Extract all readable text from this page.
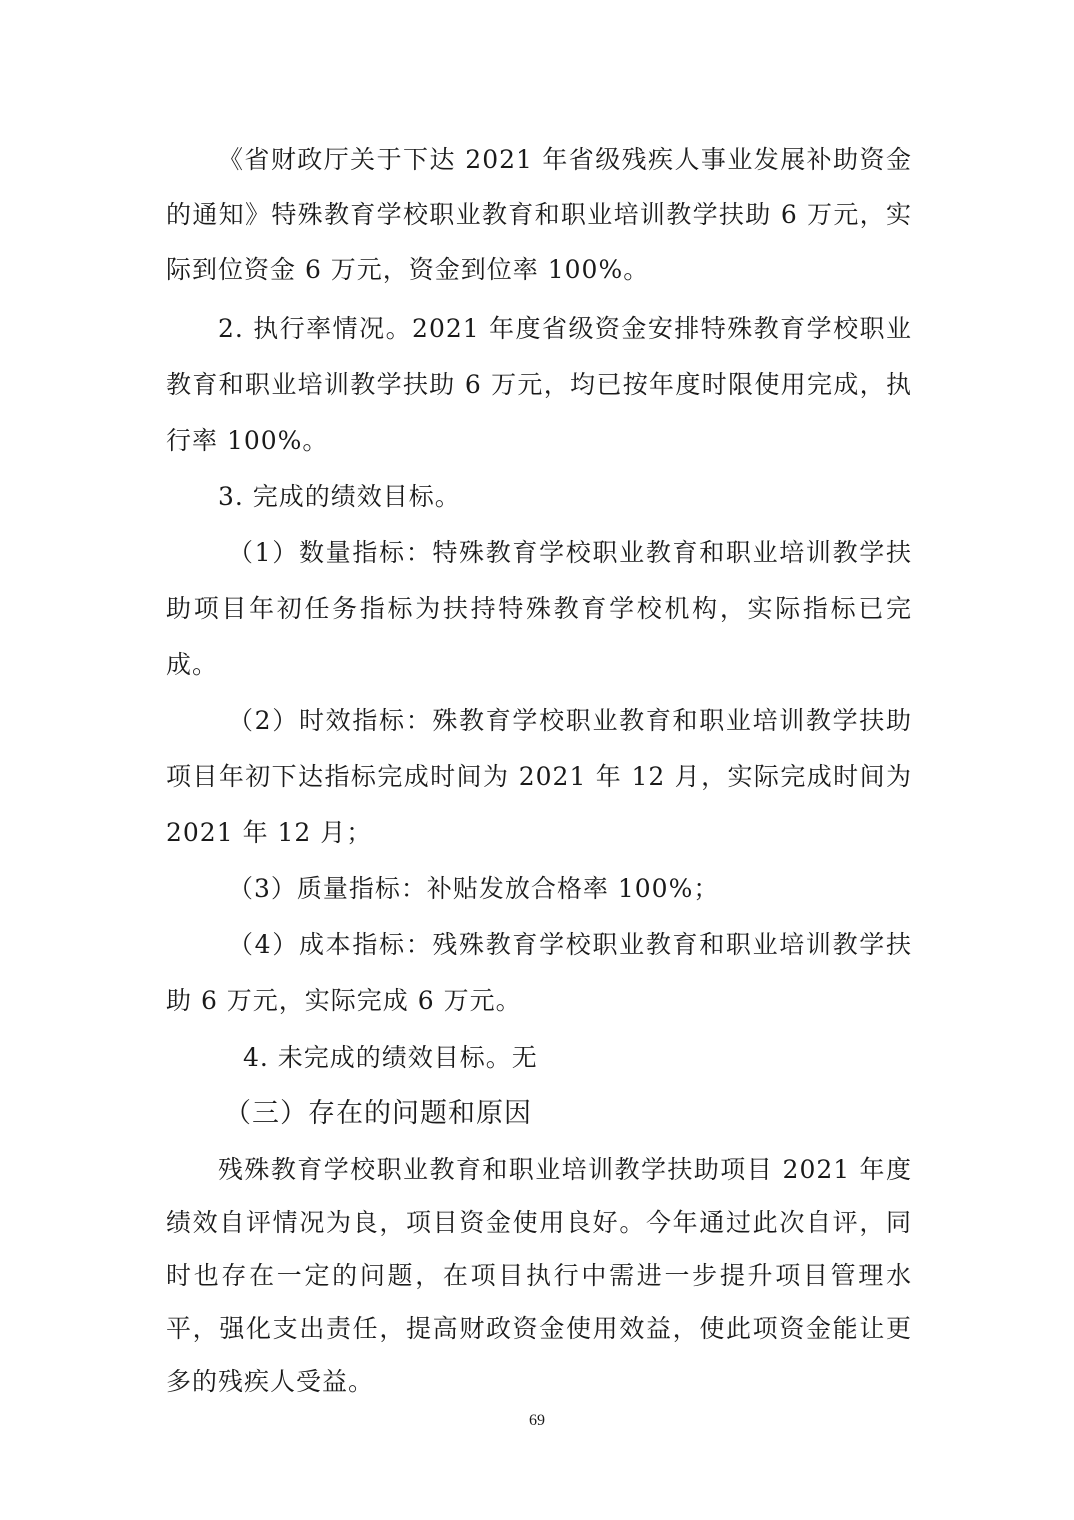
《省财政厅关于下达 2021 年省级残疾人事业发展补助资金
的通知》特殊教育学校职业教育和职业培训教学扶助 6 万元，实
际到位资金 6 万元，资金到位率 100%。
2. 执行率情况。2021 年度省级资金安排特殊教育学校职业
教育和职业培训教学扶助 6 万元，均已按年度时限使用完成，执
行率 100%。
3. 完成的绩效目标。
（1）数量指标：特殊教育学校职业教育和职业培训教学扶
助项目年初任务指标为扶持特殊教育学校机构，实际指标已完
成。
（2）时效指标：殊教育学校职业教育和职业培训教学扶助
项目年初下达指标完成时间为 2021 年 12 月，实际完成时间为
2021 年 12 月；
（3）质量指标：补贴发放合格率 100%；
（4）成本指标：残殊教育学校职业教育和职业培训教学扶
助 6 万元，实际完成 6 万元。
4. 未完成的绩效目标。无
（三）存在的问题和原因
残殊教育学校职业教育和职业培训教学扶助项目 2021 年度
绩效自评情况为良，项目资金使用良好。今年通过此次自评，同
时也存在一定的问题，在项目执行中需进一步提升项目管理水
平，强化支出责任，提高财政资金使用效益，使此项资金能让更
多的残疾人受益。
69
